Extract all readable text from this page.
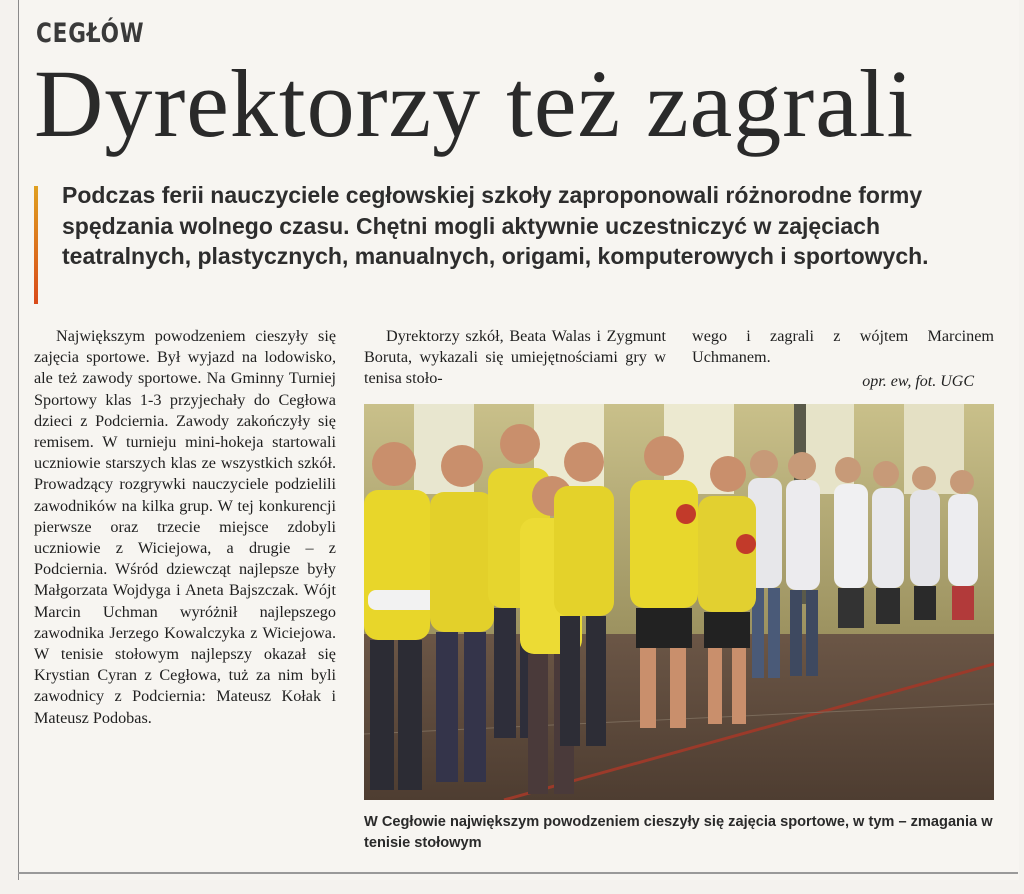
CEGŁÓW
Dyrektorzy też zagrali
Podczas ferii nauczyciele cegłowskiej szkoły zaproponowali różnorodne formy spędzania wolnego czasu. Chętni mogli aktywnie uczestniczyć w zajęciach teatralnych, plastycznych, manualnych, origami, komputerowych i sportowych.
Największym powodzeniem cieszyły się zajęcia sportowe. Był wyjazd na lodowisko, ale też zawody sportowe. Na Gminny Turniej Sportowy klas 1-3 przyjechały do Cegłowa dzieci z Podciernia. Zawody zakończyły się remisem. W turnieju mini-hokeja startowali uczniowie starszych klas ze wszystkich szkół. Prowadzący rozgrywki nauczyciele podzielili zawodników na kilka grup. W tej konkurencji pierwsze oraz trzecie miejsce zdobyli uczniowie z Wiciejowa, a drugie – z Podciernia. Wśród dziewcząt najlepsze były Małgorzata Wojdyga i Aneta Bajszczak. Wójt Marcin Uchman wyróżnił najlepszego zawodnika Jerzego Kowalczyka z Wiciejowa. W tenisie stołowym najlepszy okazał się Krystian Cyran z Cegłowa, tuż za nim byli zawodnicy z Podciernia: Mateusz Kołak i Mateusz Podobas.
Dyrektorzy szkół, Beata Walas i Zygmunt Boruta, wykazali się umiejętnościami gry w tenisa stoło-
wego i zagrali z wójtem Marcinem Uchmanem.
opr. ew, fot. UGC
W Cegłowie największym powodzeniem cieszyły się zajęcia sportowe, w tym – zmagania w tenisie stołowym
